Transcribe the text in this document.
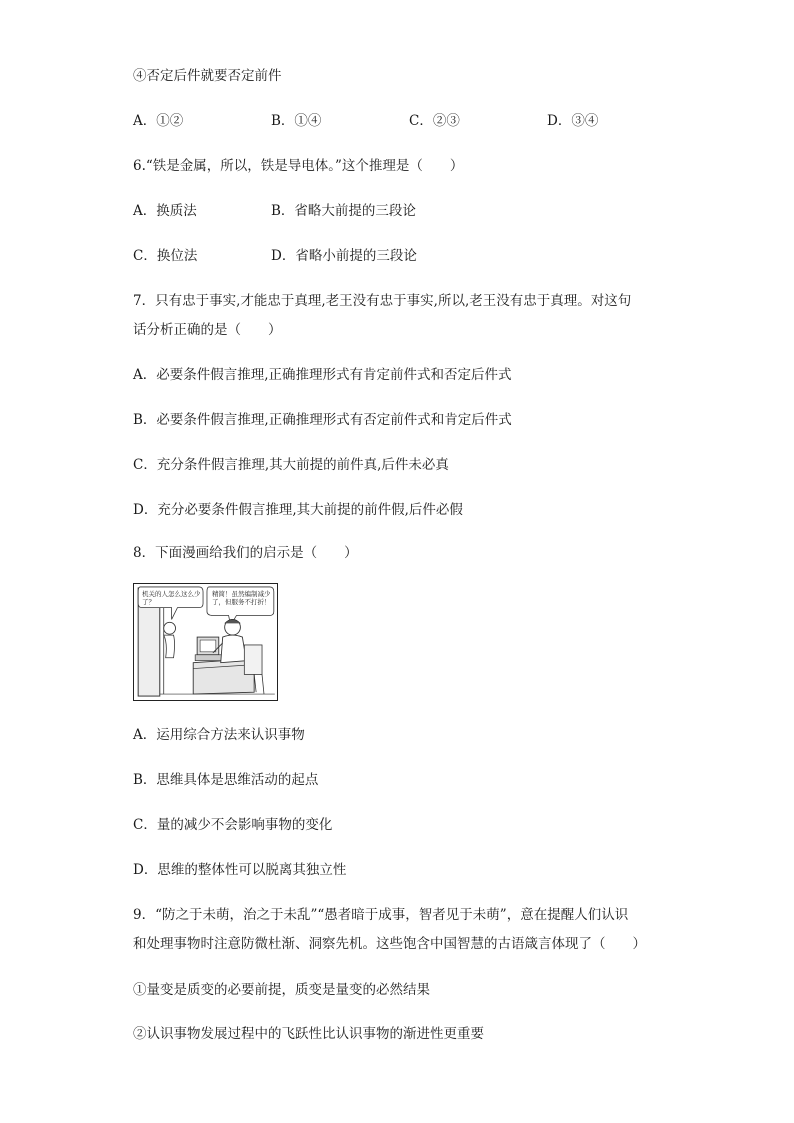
④否定后件就要否定前件
A．①②	B．①④	C．②③	D．③④
6.“铁是金属，所以，铁是导电体。”这个推理是（　　）
A．换质法	B．省略大前提的三段论
C．换位法	D．省略小前提的三段论
7．只有忠于事实,才能忠于真理,老王没有忠于事实,所以,老王没有忠于真理。对这句
话分析正确的是（　　）
A．必要条件假言推理,正确推理形式有肯定前件式和否定后件式
B．必要条件假言推理,正确推理形式有否定前件式和肯定后件式
C．充分条件假言推理,其大前提的前件真,后件未必真
D．充分必要条件假言推理,其大前提的前件假,后件必假
8．下面漫画给我们的启示是（　　）
机关的人怎么这么少了？
精简！虽然编制减少了，但服务不打折！
A．运用综合方法来认识事物
B．思维具体是思维活动的起点
C．量的减少不会影响事物的变化
D．思维的整体性可以脱离其独立性
9．“防之于未萌，治之于未乱”“愚者暗于成事，智者见于未萌”，意在提醒人们认识
和处理事物时注意防微杜渐、洞察先机。这些饱含中国智慧的古语箴言体现了（　　）
①量变是质变的必要前提，质变是量变的必然结果
②认识事物发展过程中的飞跃性比认识事物的渐进性更重要
